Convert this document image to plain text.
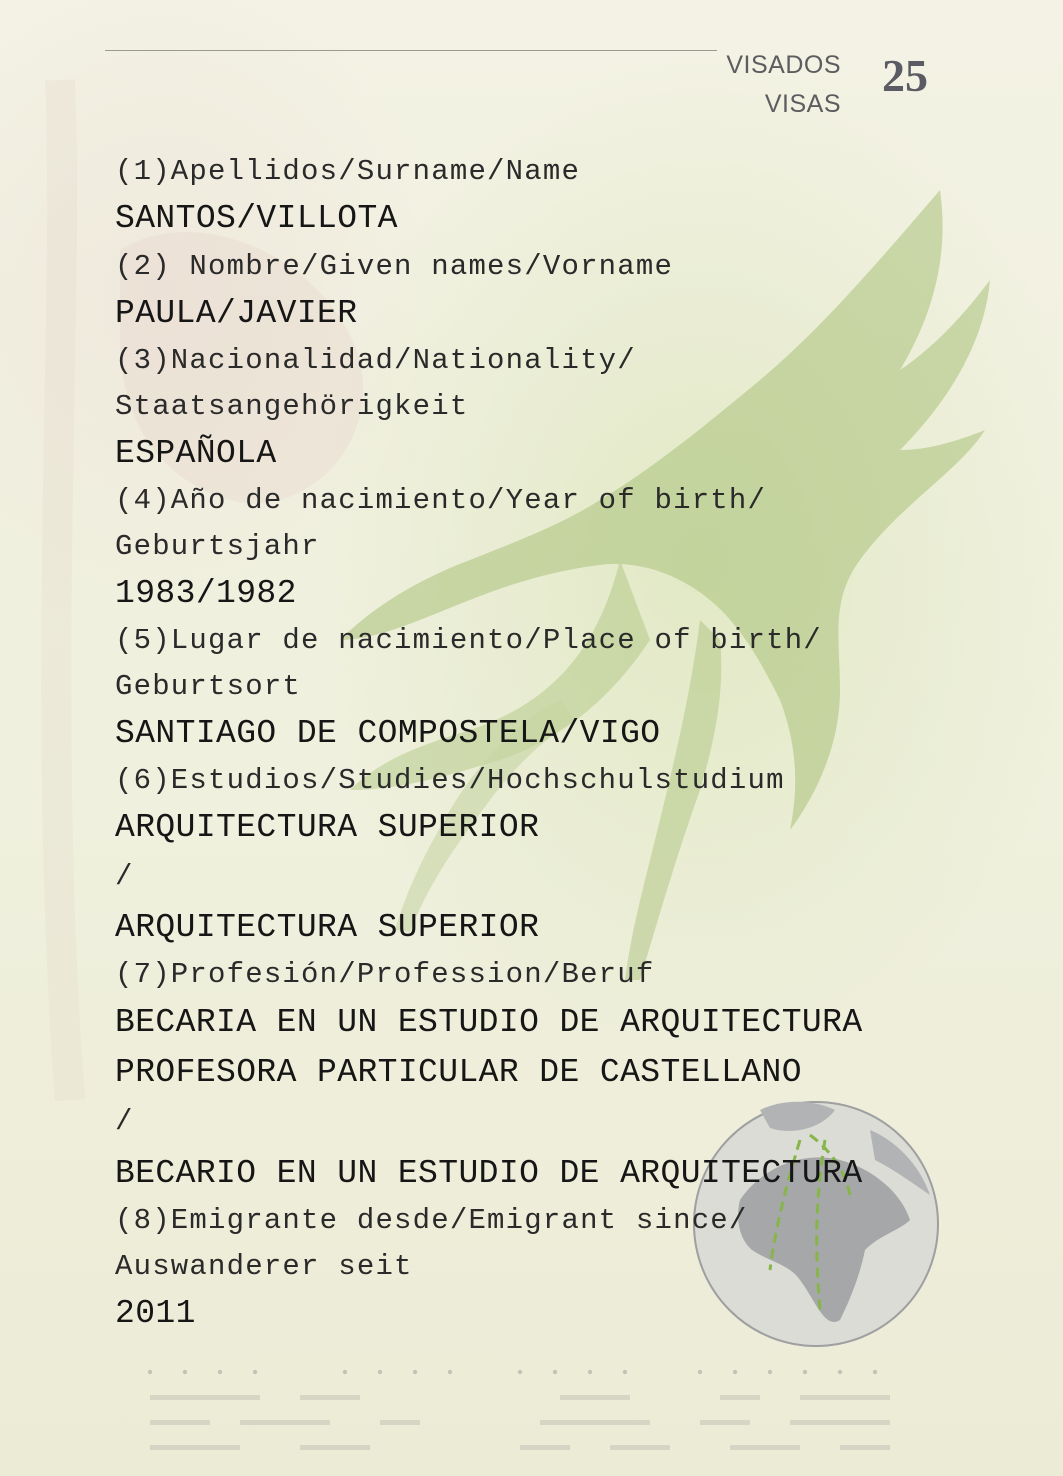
VISADOS
VISAS
25
(1)Apellidos/Surname/Name
SANTOS/VILLOTA
(2) Nombre/Given names/Vorname
PAULA/JAVIER
(3)Nacionalidad/Nationality/
Staatsangehörigkeit
ESPAÑOLA
(4)Año de nacimiento/Year of birth/
Geburtsjahr
1983/1982
(5)Lugar de nacimiento/Place of birth/
Geburtsort
SANTIAGO DE COMPOSTELA/VIGO
(6)Estudios/Studies/Hochschulstudium
ARQUITECTURA SUPERIOR
/
ARQUITECTURA SUPERIOR
(7)Profesión/Profession/Beruf
BECARIA EN UN ESTUDIO DE ARQUITECTURA
PROFESORA PARTICULAR DE CASTELLANO
/
BECARIO EN UN ESTUDIO DE ARQUITECTURA
(8)Emigrante desde/Emigrant since/
Auswanderer seit
2011
